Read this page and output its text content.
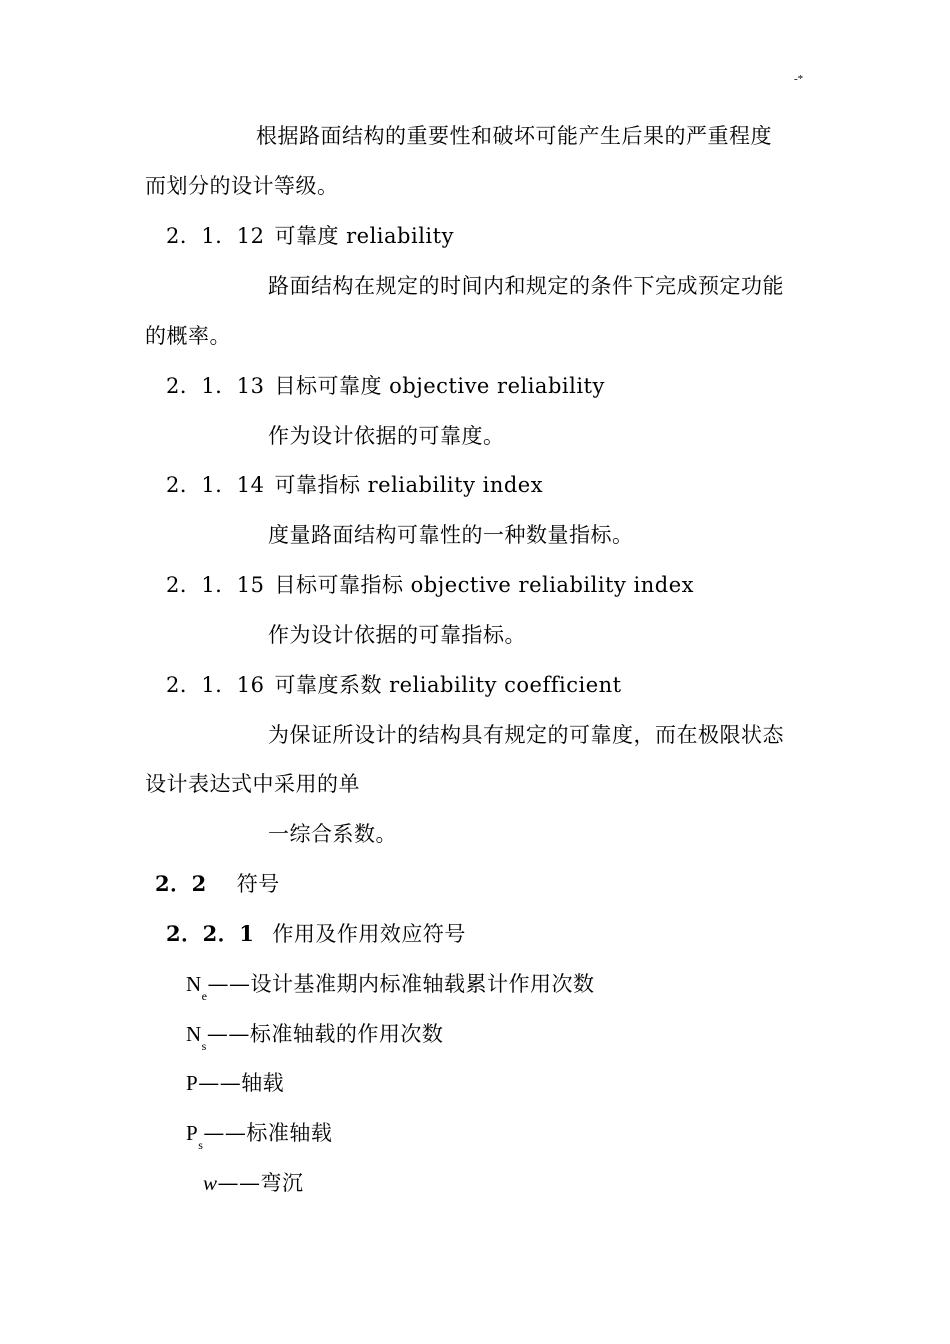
-*
根据路面结构的重要性和破坏可能产生后果的严重程度
而划分的设计等级。
2．1．12 可靠度 reliability
路面结构在规定的时间内和规定的条件下完成预定功能
的概率。
2．1．13 目标可靠度 objective reliability
作为设计依据的可靠度。
2．1．14 可靠指标 reliability index
度量路面结构可靠性的一种数量指标。
2．1．15 目标可靠指标 objective reliability index
作为设计依据的可靠指标。
2．1．16 可靠度系数 reliability coefficient
为保证所设计的结构具有规定的可靠度，而在极限状态
设计表达式中采用的单
一综合系数。
2．2 符号
2．2．1 作用及作用效应符号
$N_e——$设计基准期内标准轴载累计作用次数
$N_s——$标准轴载的作用次数
P——轴载
$P_s——$标准轴载
w——弯沉
